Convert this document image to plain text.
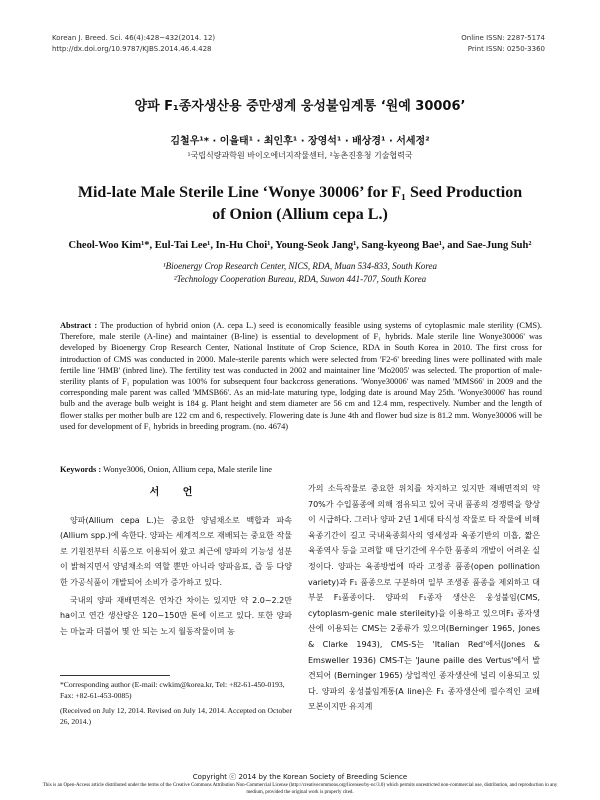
Korean J. Breed. Sci. 46(4):428~432(2014. 12)
http://dx.doi.org/10.9787/KJBS.2014.46.4.428
Online ISSN: 2287-5174
Print ISSN: 0250-3360
양파 F₁종자생산용 중만생계 웅성불임계통 ‘원예 30006’
김철우¹* · 이을태¹ · 최인후¹ · 장영석¹ · 배상경¹ · 서세정²
¹국립식량과학원 바이오에너지작물센터, ²농촌진흥청 기술협력국
Mid-late Male Sterile Line ‘Wonye 30006’ for F₁ Seed Production
of Onion (Allium cepa L.)
Cheol-Woo Kim¹*, Eul-Tai Lee¹, In-Hu Choi¹, Young-Seok Jang¹, Sang-kyeong Bae¹, and Sae-Jung Suh²
¹Bioenergy Crop Research Center, NICS, RDA, Muan 534-833, South Korea
²Technology Cooperation Bureau, RDA, Suwon 441-707, South Korea
Abstract : The production of hybrid onion (A. cepa L.) seed is economically feasible using systems of cytoplasmic male sterility (CMS). Therefore, male sterile (A-line) and maintainer (B-line) is essential to development of F₁ hybrids. Male sterile line Wonye30006' was developed by Bioenergy Crop Research Center, National Institute of Crop Science, RDA in South Korea in 2010. The first cross for introduction of CMS was conducted in 2000. Male-sterile parents which were selected from 'F2-6' breeding lines were pollinated with male fertile line 'HMB' (inbred line). The fertility test was conducted in 2002 and maintainer line 'Mo2005' was selected. The proportion of male-sterility plants of F₁ population was 100% for subsequent four backcross generations. 'Wonye30006' was named 'MMS66' in 2009 and the corresponding male parent was called 'MMSB66'. As an mid-late maturing type, lodging date is around May 25th. 'Wonye30006' has round bulb and the average bulb weight is 184 g. Plant height and stem diameter are 56 cm and 12.4 mm, respectively. Number and the length of flower stalks per mother bulb are 122 cm and 6, respectively. Flowering date is June 4th and flower bud size is 81.2 mm. Wonye30006 will be used for development of F₁ hybrids in breeding program. (no. 4674)
Keywords : Wonye3006, Onion, Allium cepa, Male sterile line
서 언

양파(Allium cepa L.)는 중요한 양념채소로 백합과 파속(Allium spp.)에 속한다. 양파는 세계적으로 재배되는 중요한 작물로 기원전부터 식품으로 이용되어 왔고 최근에 양파의 기능성 성분이 밝혀지면서 양념채소의 역할 뿐만 아니라 양파음료, 즙 등 다양한 가공식품이 개발되어 소비가 증가하고 있다.

국내의 양파 재배면적은 연차간 차이는 있지만 약 2.0~2.2만 ha이고 연간 생산량은 120~150만 톤에 이르고 있다. 또한 양파는 마늘과 더불어 몇 안 되는 노지 월동작물이며 농

가의 소득작물로 중요한 위치를 차지하고 있지만 재배면적의 약 70%가 수입품종에 의해 점유되고 있어 국내 품종의 경쟁력을 향상이 시급하다. 그러나 양파 2년 1세대 타식성 작물로 타 작물에 비해 육종기간이 길고 국내육종회사의 영세성과 육종기반의 미흡, 짧은 육종역사 등을 고려할 때 단기간에 우수한 품종의 개발이 어려운 실정이다. 양파는 육종방법에 따라 고정종 품종(open pollination variety)과 F₁ 품종으로 구분하며 일부 조생종 품종을 제외하고 대부분 F₁품종이다. 양파의 F₁종자 생산은 웅성불임(CMS, cytoplasm-genic male sterileity)을 이용하고 있으며F₁ 종자생산에 이용되는 CMS는 2종류가 있으며(Berninger 1965, Jones & Clarke 1943), CMS-S는 'Italian Red'에서(Jones & Emsweller 1936) CMS-T는 'Jaune paille des Vertus'에서 발견되어 (Berninger 1965) 상업적인 종자생산에 널리 이용되고 있다. 양파의 웅성불임계통(A line)은 F₁ 종자생산에 필수적인 교배모본이지만 유지계
*Corresponding author (E-mail: cwkim@korea.kr, Tel: +82-61-450-0193, Fax: +82-61-453-0085)
(Received on July 12, 2014. Revised on July 14, 2014. Accepted on October 26, 2014.)
Copyright ⓒ 2014 by the Korean Society of Breeding Science
This is an Open-Access article distributed under the terms of the Creative Commons Attribution Non-Commercial License (http://creativecommons.org/licenses/by-nc/3.0) which permits unrestricted non-commercial use, distribution, and reproduction in any medium, provided the original work is properly cited.
